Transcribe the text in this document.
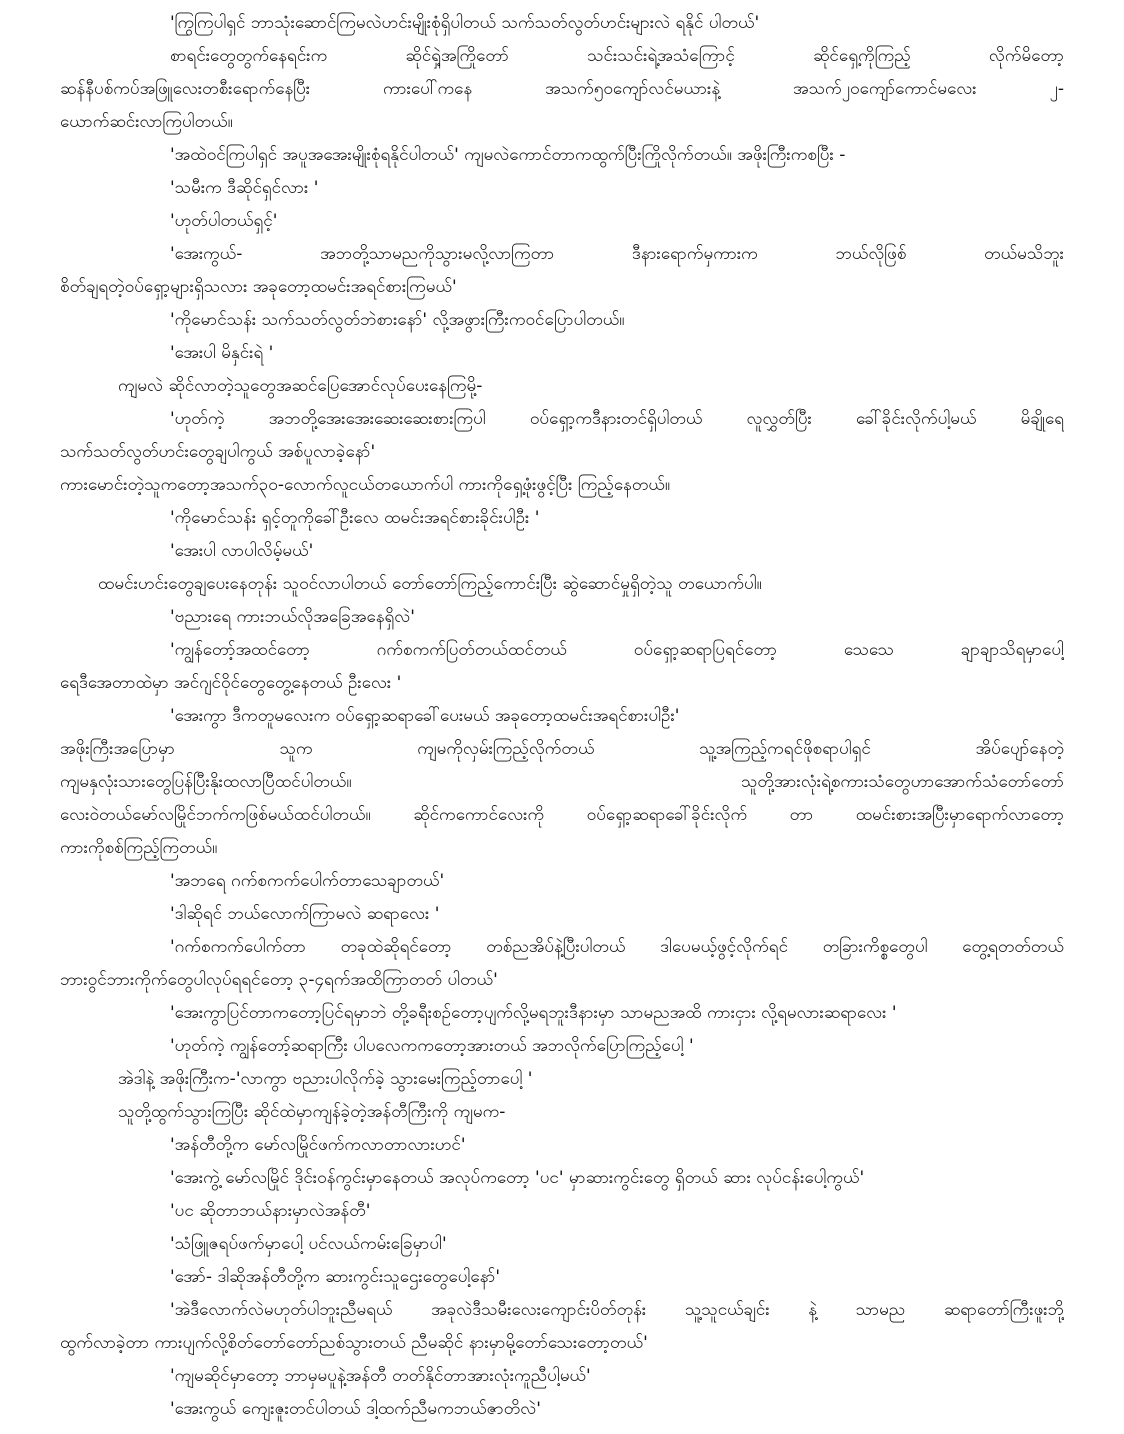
'ကြွကြပါရှင် ဘာသုံးဆောင်ကြမလဲဟင်းမျိုးစုံရှိပါတယ် သက်သတ်လွတ်ဟင်းများလဲ ရနိုင် ပါတယ်'
စာရင်းတွေတွက်နေရင်းက ဆိုင်ရှဲ့အကြိုတော် သင်းသင်းရဲ့အသံကြောင့် ဆိုင်ရှေ့ကိုကြည့် လိုက်မိတော့
ဆန်နီပစ်ကပ်အဖြူလေးတစီးရောက်နေပြီး ကားပေါ်ကနေ အသက်၅၀ကျော်လင်မယားနဲ့ အသက်၂၀ကျော်ကောင်မလေး ၂-
ယောက်ဆင်းလာကြပါတယ်။
'အထဲဝင်ကြပါရှင် အပူအအေးမျိုးစုံရနိုင်ပါတယ်' ကျမလဲကောင်တာကထွက်ပြီးကြိုလိုက်တယ်။ အဖိုးကြီးကစပြီး -
'သမီးက ဒီဆိုင်ရှင်လား '
'ဟုတ်ပါတယ်ရှင့်'
'အေးကွယ်- အဘတို့သာမညကိုသွားမလို့လာကြတာ ဒီနားရောက်မှကားက ဘယ်လိုဖြစ် တယ်မသိဘူး
စိတ်ချရတဲ့ဝပ်ရှော့များရှိသလား အခုတော့ထမင်းအရင်စားကြမယ်'
'ကိုမောင်သန်း သက်သတ်လွတ်ဘဲစားနော်' လို့အဖွားကြီးကဝင်ပြောပါတယ်။
'အေးပါ မိနှင်းရဲ '
ကျမလဲ ဆိုင်လာတဲ့သူတွေအဆင်ပြေအောင်လုပ်ပေးနေကြမို့-
'ဟုတ်ကဲ့ အဘတို့အေးအေးဆေးဆေးစားကြပါ ဝပ်ရှော့ကဒီနားတင်ရှိပါတယ် လူလွှတ်ပြီး ခေါ်ခိုင်းလိုက်ပါ့မယ် မိချိုရေ
သက်သတ်လွတ်ဟင်းတွေချပါကွယ် အစ်ပူလာခဲ့နော်'
ကားမောင်းတဲ့သူကတော့အသက်၃၀-လောက်လူငယ်တယောက်ပါ ကားကိုရှေ့ဖုံးဖွင့်ပြီး ကြည့်နေတယ်။
'ကိုမောင်သန်း ရှင့်တူကိုခေါ်ဦးလေ ထမင်းအရင်စားခိုင်းပါဦး '
'အေးပါ လာပါလိမ့်မယ်'
ထမင်းဟင်းတွေချပေးနေတုန်း သူဝင်လာပါတယ် တော်တော်ကြည့်ကောင်းပြီး ဆွဲဆောင်မှုရှိတဲ့သူ တယောက်ပါ။
'ဗညားရေ ကားဘယ်လိုအခြေအနေရှိလဲ'
'ကျွန်တော့်အထင်တော့ ဂက်စကက်ပြတ်တယ်ထင်တယ် ဝပ်ရှော့ဆရာပြရင်တော့ သေသေ ချာချာသိရမှာပေါ့
ရေဒီအေတာထဲမှာ အင်ဂျင်ဝိုင်တွေတွေ့နေတယ် ဦးလေး '
'အေးကွာ ဒီကတူမလေးက ဝပ်ရှော့ဆရာခေါ်ပေးမယ် အခုတော့ထမင်းအရင်စားပါဦး'
အဖိုးကြီးအပြောမှာ သူက ကျမကိုလှမ်းကြည့်လိုက်တယ် သူ့အကြည့်ကရင်ဖိုစရာပါရှင် အိပ်ပျော်နေတဲ့
ကျမနှလုံးသားတွေပြန်ပြီးနိုးထလာပြီထင်ပါတယ်။ သူတို့အားလုံးရဲ့စကားသံတွေဟာအောက်သံတော်တော်
လေးဝဲတယ်မော်လမြိုင်ဘက်ကဖြစ်မယ်ထင်ပါတယ်။ ဆိုင်ကကောင်လေးကို ဝပ်ရှော့ဆရာခေါ်ခိုင်းလိုက် တာ ထမင်းစားအပြီးမှာရောက်လာတော့
ကားကိုစစ်ကြည့်ကြတယ်။
'အဘရေ ဂက်စကက်ပေါက်တာသေချာတယ်'
'ဒါဆိုရင် ဘယ်လောက်ကြာမလဲ ဆရာလေး '
'ဂက်စကက်ပေါက်တာ တခုထဲဆိုရင်တော့ တစ်ညအိပ်နဲ့ပြီးပါတယ် ဒါပေမယ့်ဖွင့်လိုက်ရင် တခြားကိစ္စတွေပါ တွေ့ရတတ်တယ်
ဘားဝွင်ဘားကိုက်တွေပါလုပ်ရရင်တော့ ၃-၄ရက်အထိကြာတတ် ပါတယ်'
'အေးကွာပြင်တာကတော့ပြင်ရမှာဘဲ တို့ခရီးစဉ်တော့ပျက်လို့မရဘူးဒီနားမှာ သာမညအထိ ကားငှား လို့ရမလားဆရာလေး '
'ဟုတ်ကဲ့ ကျွန်တော့်ဆရာကြီး ပါပလေကကတော့အားတယ် အဘလိုက်ပြောကြည့်ပေါ့ '
အဲဒါနဲ့ အဖိုးကြီးက-'လာကွာ ဗညားပါလိုက်ခဲ့ သွားမေးကြည့်တာပေါ့ '
သူတို့ထွက်သွားကြပြီး ဆိုင်ထဲမှာကျန်ခဲ့တဲ့အန်တီကြီးကို ကျမက-
'အန်တီတို့က မော်လမြိုင်ဖက်ကလာတာလားဟင်'
'အေးကွဲ့ မော်လမြိုင် ဒိုင်းဝန်ကွင်းမှာနေတယ် အလုပ်ကတော့ 'ပင' မှာဆားကွင်းတွေ ရှိတယ် ဆား လုပ်ငန်းပေါ့ကွယ်'
'ပင ဆိုတာဘယ်နားမှာလဲအန်တီ'
'သံဖြူဇရပ်ဖက်မှာပေါ့ ပင်လယ်ကမ်းခြေမှာပါ'
'အော်- ဒါဆိုအန်တီတို့က ဆားကွင်းသူဌေးတွေပေါ့နော်'
'အဲဒီလောက်လဲမဟုတ်ပါဘူးညီမရယ် အခုလဲဒီသမီးလေးကျောင်းပိတ်တုန်း သူ့သူငယ်ချင်း နဲ့ သာမည ဆရာတော်ကြီးဖူးဘို့
ထွက်လာခဲ့တာ ကားပျက်လို့စိတ်တော်တော်ညစ်သွားတယ် ညီမဆိုင် နားမှာမို့တော်သေးတော့တယ်'
'ကျမဆိုင်မှာတော့ ဘာမှမပူနဲ့အန်တီ တတ်နိုင်တာအားလုံးကူညီပါ့မယ်'
'အေးကွယ် ကျေးဇူးတင်ပါတယ် ဒါ့ထက်ညီမကဘယ်ဇာတိလဲ'
